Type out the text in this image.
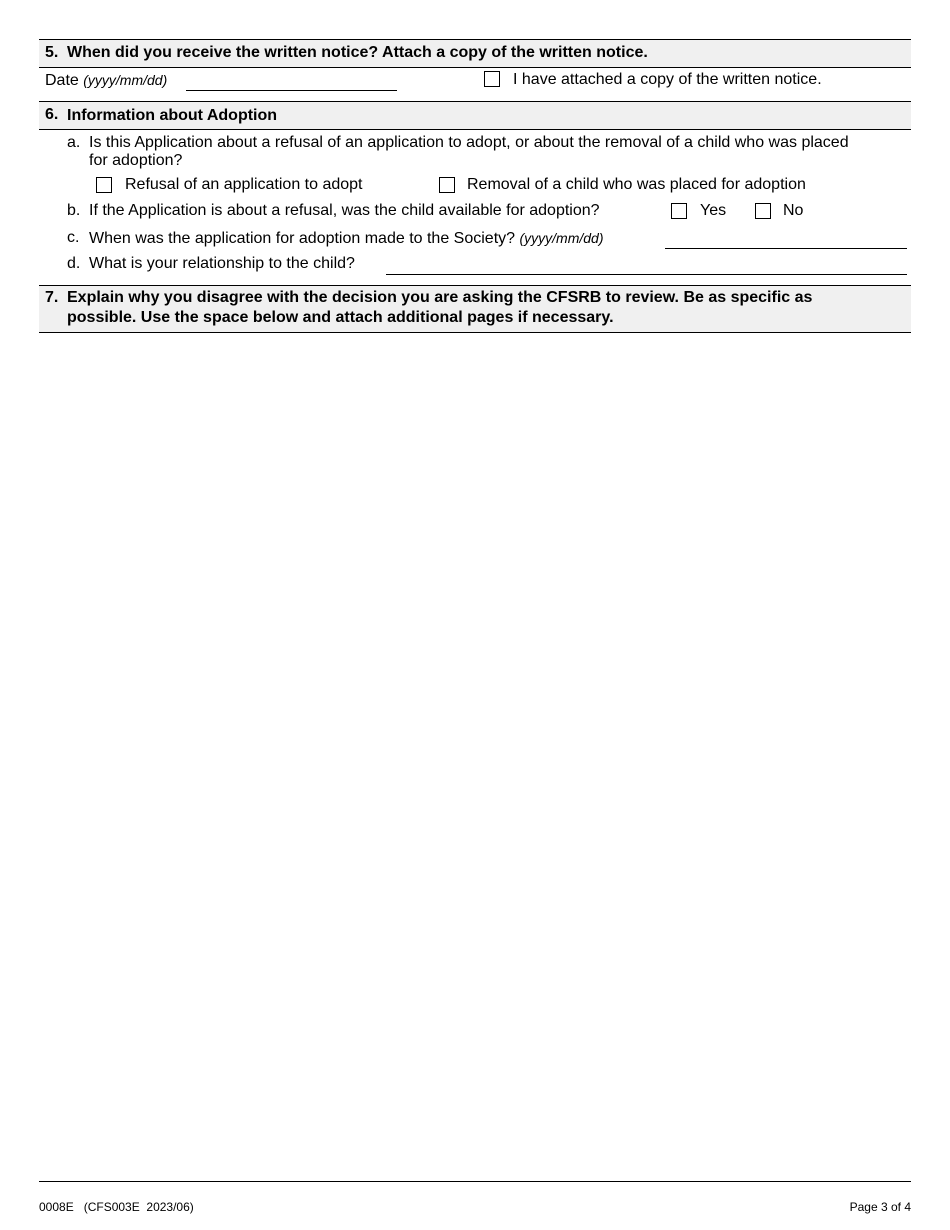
5. When did you receive the written notice? Attach a copy of the written notice.
Date (yyyy/mm/dd)	I have attached a copy of the written notice.
6. Information about Adoption
a. Is this Application about a refusal of an application to adopt, or about the removal of a child who was placed
for adoption?
Refusal of an application to adopt	Removal of a child who was placed for adoption
b. If the Application is about a refusal, was the child available for adoption?	Yes	No
c. When was the application for adoption made to the Society? (yyyy/mm/dd)
d. What is your relationship to the child?
7. Explain why you disagree with the decision you are asking the CFSRB to review. Be as specific as
possible. Use the space below and attach additional pages if necessary.
0008E   (CFS003E  2023/06)	Page 3 of 4
